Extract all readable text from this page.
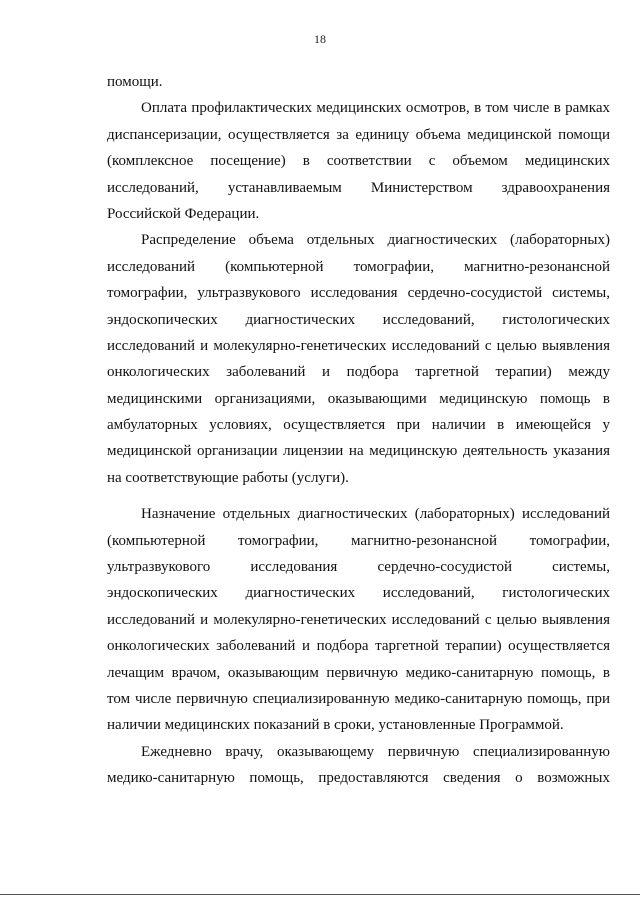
18
помощи.
Оплата профилактических медицинских осмотров, в том числе в рамках
диспансеризации, осуществляется за единицу объема медицинской помощи
(комплексное посещение) в соответствии с объемом медицинских
исследований, устанавливаемым Министерством здравоохранения
Российской Федерации.
Распределение объема отдельных диагностических (лабораторных)
исследований (компьютерной томографии, магнитно-резонансной
томографии, ультразвукового исследования сердечно-сосудистой системы,
эндоскопических диагностических исследований, гистологических
исследований и молекулярно-генетических исследований с целью выявления
онкологических заболеваний и подбора таргетной терапии) между
медицинскими организациями, оказывающими медицинскую помощь в
амбулаторных условиях, осуществляется при наличии в имеющейся у
медицинской организации лицензии на медицинскую деятельность указания
на соответствующие работы (услуги).
Назначение отдельных диагностических (лабораторных) исследований
(компьютерной томографии, магнитно-резонансной томографии,
ультразвукового исследования сердечно-сосудистой системы,
эндоскопических диагностических исследований, гистологических
исследований и молекулярно-генетических исследований с целью выявления
онкологических заболеваний и подбора таргетной терапии) осуществляется
лечащим врачом, оказывающим первичную медико-санитарную помощь, в
том числе первичную специализированную медико-санитарную помощь, при
наличии медицинских показаний в сроки, установленные Программой.
Ежедневно врачу, оказывающему первичную специализированную
медико-санитарную помощь, предоставляются сведения о возможных
